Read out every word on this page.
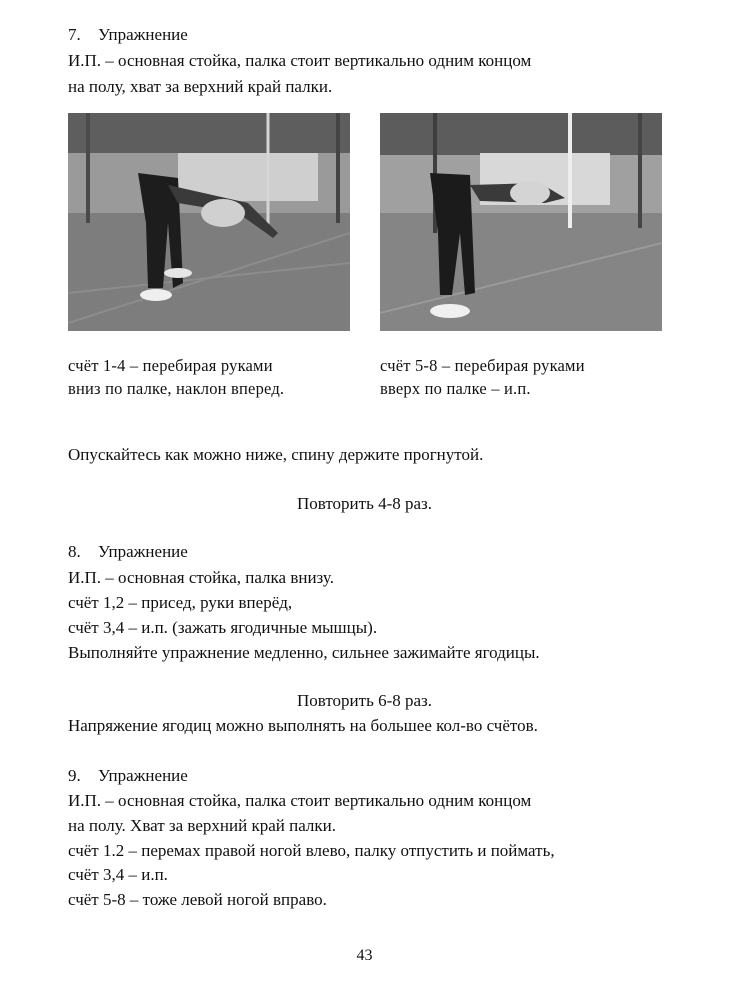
7. Упражнение
И.П. – основная стойка, палка стоит вертикально одним концом
на полу, хват за верхний край палки.
счёт 1-4 – перебирая руками
вниз по палке, наклон вперед.
счёт 5-8 – перебирая руками
вверх по палке – и.п.
Опускайтесь как можно ниже, спину держите прогнутой.
Повторить 4-8 раз.
8. Упражнение
И.П. – основная стойка, палка внизу.
счёт 1,2 – присед, руки вперёд,
счёт 3,4 – и.п. (зажать ягодичные мышцы).
Выполняйте упражнение медленно, сильнее зажимайте ягодицы.
Повторить 6-8 раз.
Напряжение ягодиц можно выполнять на большее кол-во счётов.
9. Упражнение
И.П. – основная стойка, палка стоит вертикально одним концом
на полу. Хват за верхний край палки.
счёт 1.2 – перемах правой ногой влево, палку отпустить и поймать,
счёт 3,4 – и.п.
счёт 5-8 – тоже левой ногой вправо.
43
